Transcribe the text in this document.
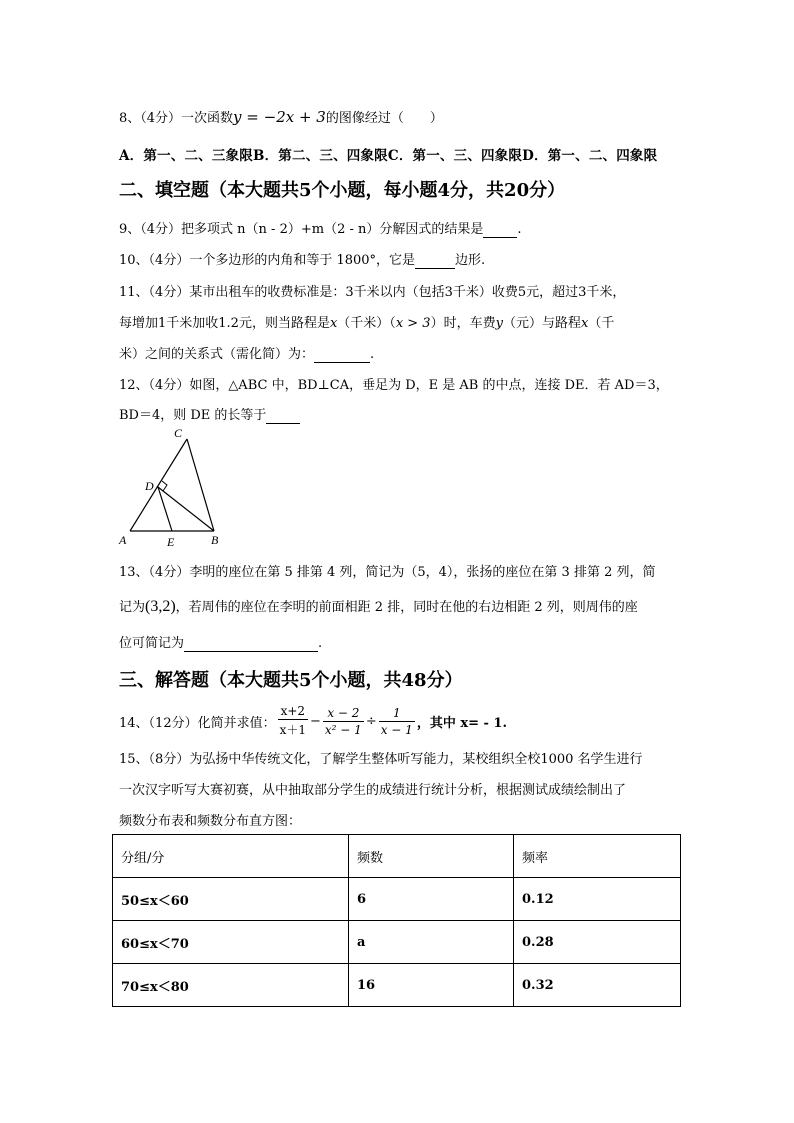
8、（4分）一次函数y = −2x + 3的图像经过（　　）
A．第一、二、三象限B．第二、三、四象限C．第一、三、四象限D．第一、二、四象限
二、填空题（本大题共5个小题，每小题4分，共20分）
9、（4分）把多项式 n（n - 2）+m（2 - n）分解因式的结果是	.
10、（4分）一个多边形的内角和等于 1800°，它是	边形.
11、（4分）某市出租车的收费标准是：3千米以内（包括3千米）收费5元，超过3千米，
每增加1千米加收1.2元，则当路程是x（千米）（x > 3）时，车费y（元）与路程x（千
米）之间的关系式（需化简）为：	.
12、（4分）如图，△ABC 中，BD⊥CA，垂足为 D，E 是 AB 的中点，连接 DE．若 AD＝3，
BD＝4，则 DE 的长等于
C
D
A	E	B
13、（4分）李明的座位在第 5 排第 4 列，简记为（5，4），张扬的座位在第 3 排第 2 列，简
记为(3,2)，若周伟的座位在李明的前面相距 2 排，同时在他的右边相距 2 列，则周伟的座
位可简记为	.
三、解答题（本大题共5个小题，共48分）
14、（12分）化简并求值： $\frac{x+2}{x+1} - \frac{x - 2}{\text{x² − 1}} \div \frac{1}{x - 1}$ ，其中 x= - 1.
15、（8分）为弘扬中华传统文化，了解学生整体听写能力，某校组织全校1000 名学生进行
一次汉字听写大赛初赛，从中抽取部分学生的成绩进行统计分析，根据测试成绩绘制出了
频数分布表和频数分布直方图：
分组/分	频数	频率
50≤x＜60	6	0.12
60≤x＜70	a	0.28
70≤x＜80	16	0.32
